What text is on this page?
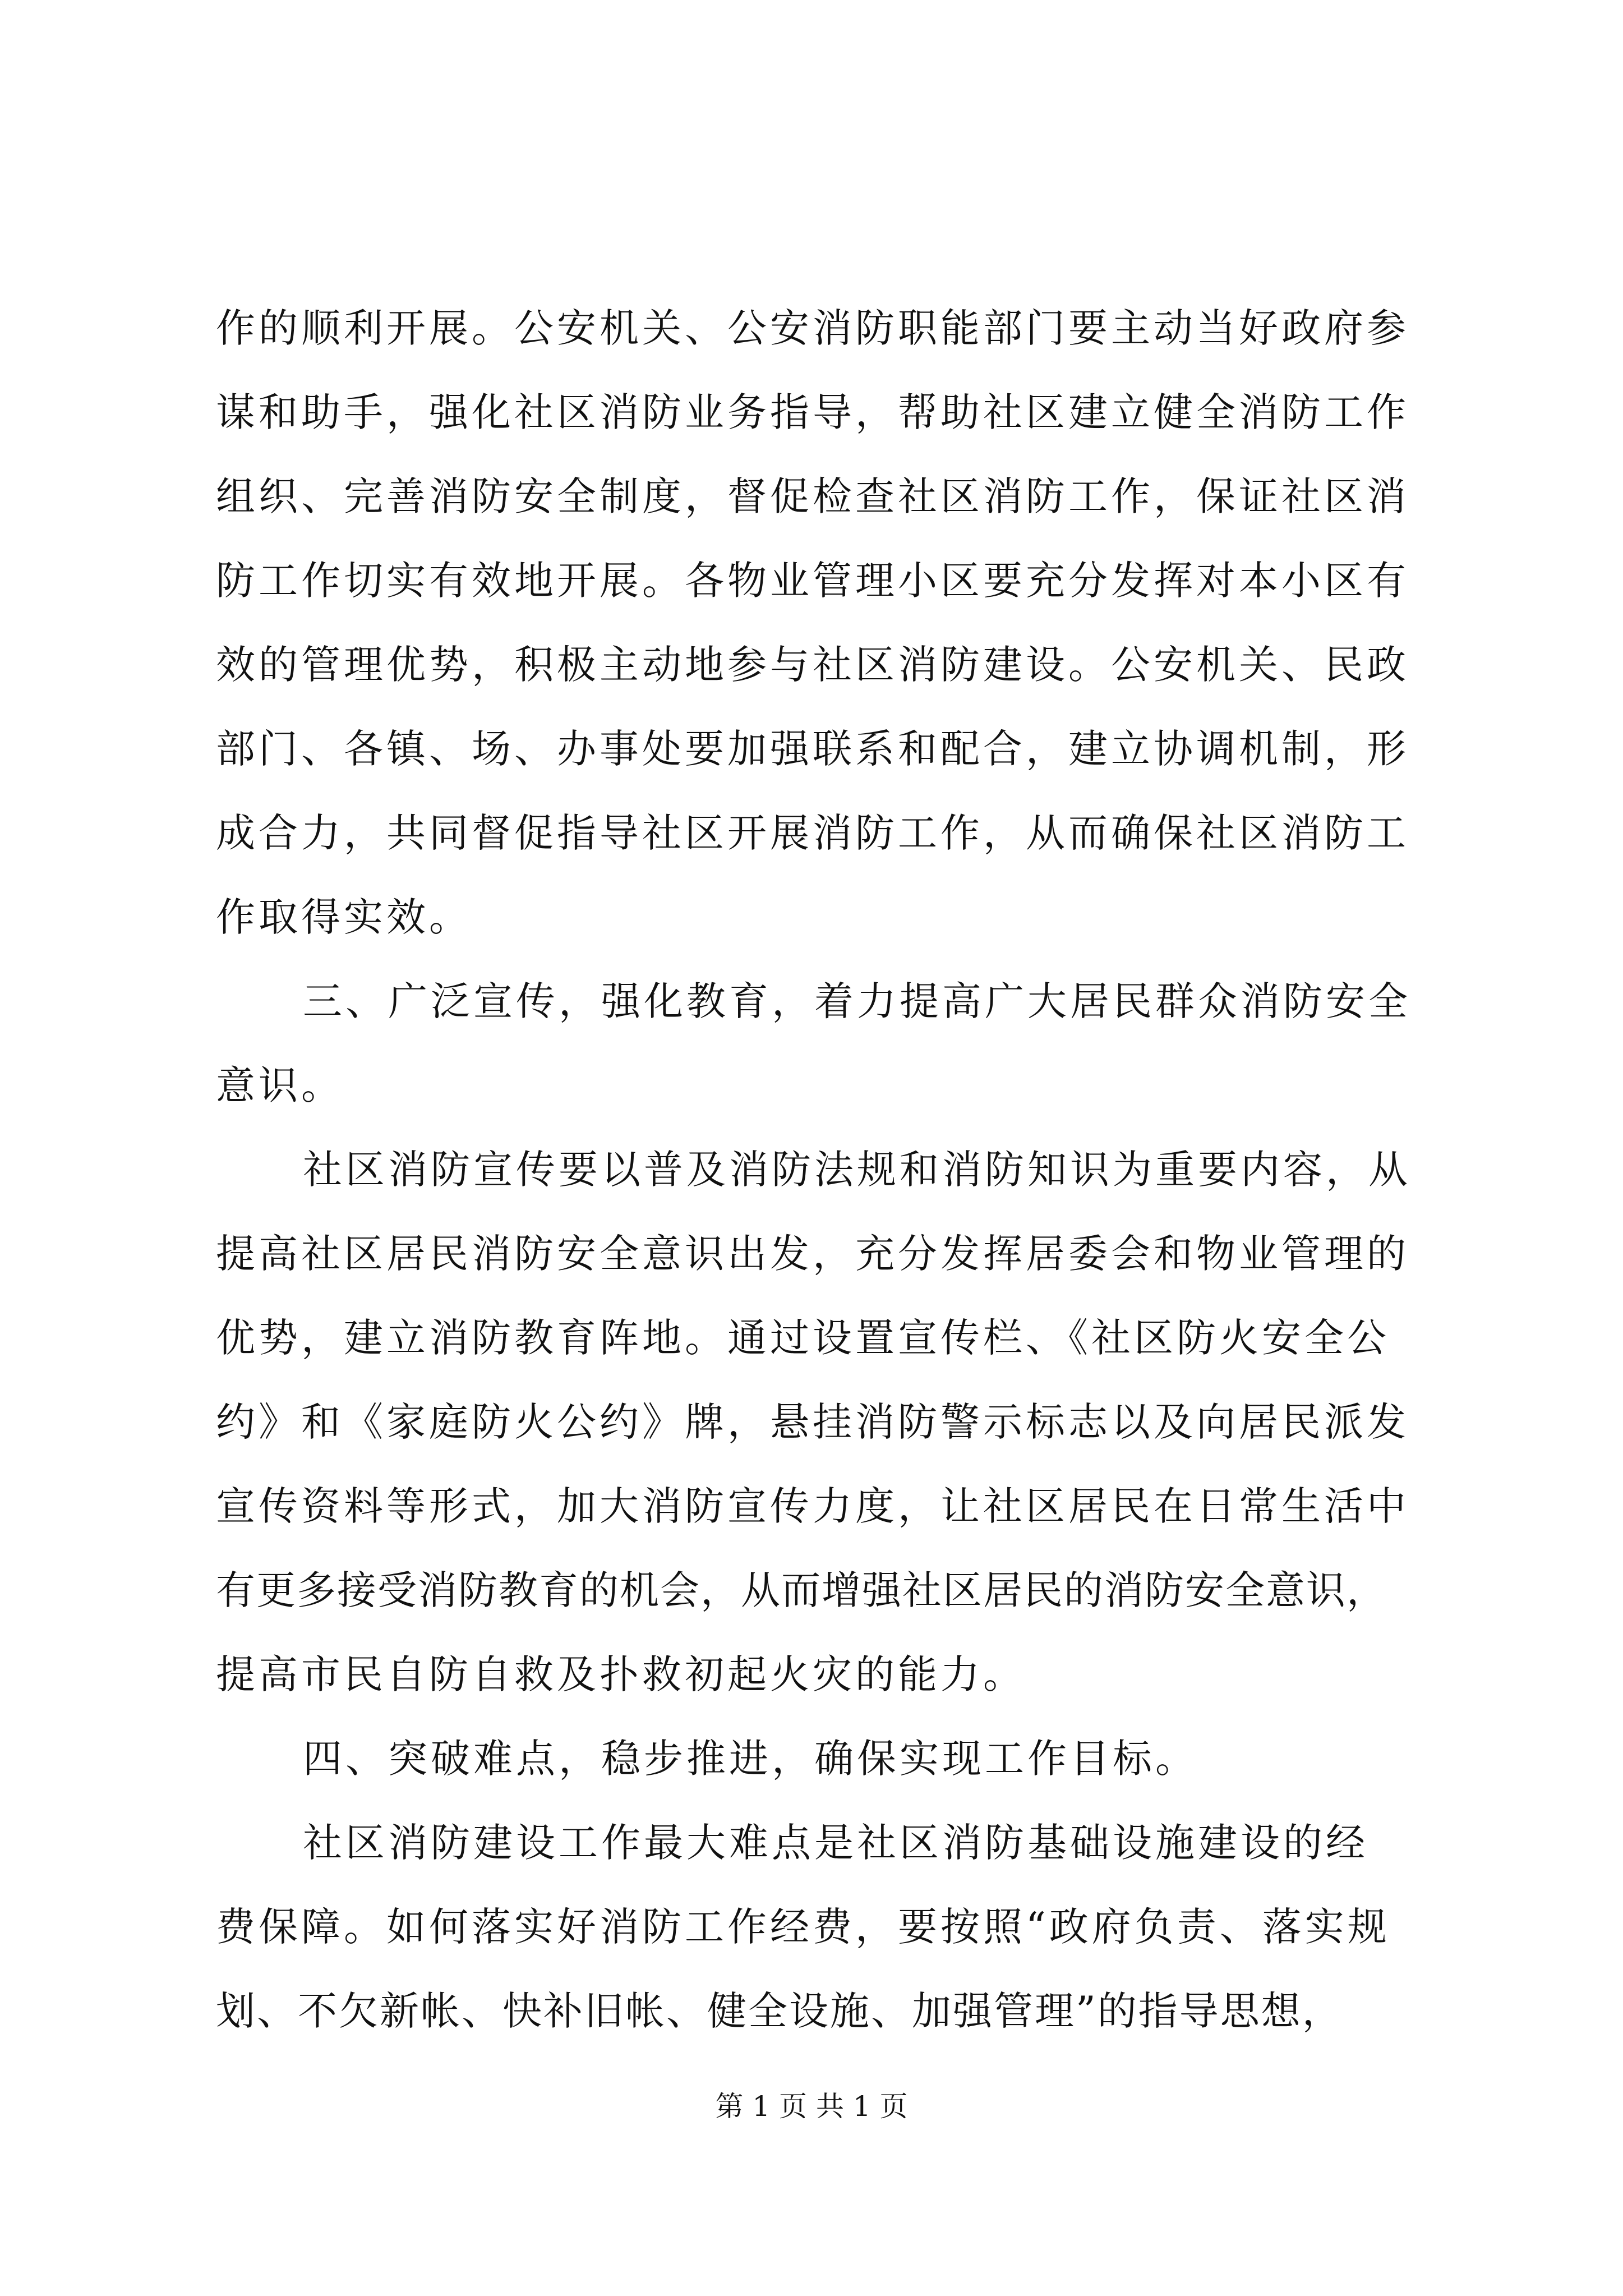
作的顺利开展。公安机关、公安消防职能部门要主动当好政府参
谋和助手，强化社区消防业务指导，帮助社区建立健全消防工作
组织、完善消防安全制度，督促检查社区消防工作，保证社区消
防工作切实有效地开展。各物业管理小区要充分发挥对本小区有
效的管理优势，积极主动地参与社区消防建设。公安机关、民政
部门、各镇、场、办事处要加强联系和配合，建立协调机制，形
成合力，共同督促指导社区开展消防工作，从而确保社区消防工
作取得实效。
三、广泛宣传，强化教育，着力提高广大居民群众消防安全
意识。
社区消防宣传要以普及消防法规和消防知识为重要内容，从
提高社区居民消防安全意识出发，充分发挥居委会和物业管理的
优势，建立消防教育阵地。通过设置宣传栏、《社区防火安全公
约》和《家庭防火公约》牌，悬挂消防警示标志以及向居民派发
宣传资料等形式，加大消防宣传力度，让社区居民在日常生活中
有更多接受消防教育的机会，从而增强社区居民的消防安全意识，
提高市民自防自救及扑救初起火灾的能力。
四、突破难点，稳步推进，确保实现工作目标。
社区消防建设工作最大难点是社区消防基础设施建设的经
费保障。如何落实好消防工作经费，要按照“政府负责、落实规
划、不欠新帐、快补旧帐、健全设施、加强管理”的指导思想，
第 1 页 共 1 页
